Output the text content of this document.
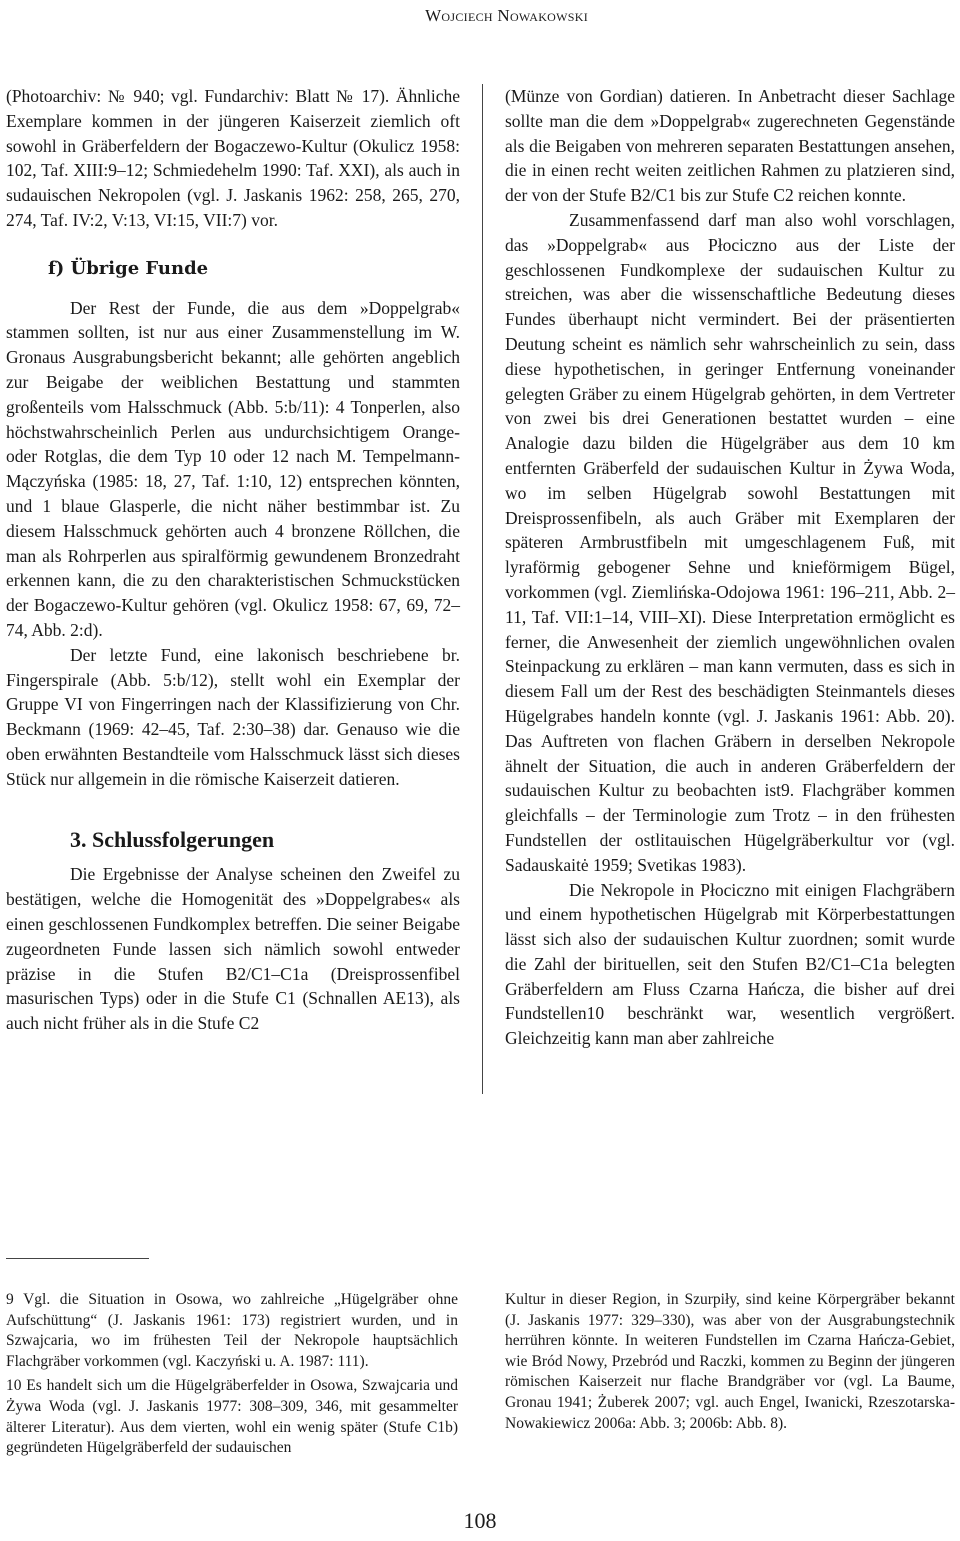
Wojciech Nowakowski

(Photoarchiv: № 940; vgl. Fundarchiv: Blatt № 17). Ähnliche Exemplare kommen in der jüngeren Kaiserzeit ziemlich oft sowohl in Gräberfeldern der Bogaczewo-Kultur (Okulicz 1958: 102, Taf. XIII:9–12; Schmiedehelm 1990: Taf. XXI), als auch in sudauischen Nekropolen (vgl. J. Jaskanis 1962: 258, 265, 270, 274, Taf. IV:2, V:13, VI:15, VII:7) vor.

f) Übrige Funde

Der Rest der Funde, die aus dem »Doppelgrab« stammen sollten, ist nur aus einer Zusammenstellung im W. Gronaus Ausgrabungsbericht bekannt; alle gehörten angeblich zur Beigabe der weiblichen Bestattung und stammten großenteils vom Halsschmuck (Abb. 5:b/11): 4 Tonperlen, also höchstwahrscheinlich Perlen aus undurchsichtigem Orange- oder Rotglas, die dem Typ 10 oder 12 nach M. Tempelmann-Mączyńska (1985: 18, 27, Taf. 1:10, 12) entsprechen könnten, und 1 blaue Glasperle, die nicht näher bestimmbar ist. Zu diesem Halsschmuck gehörten auch 4 bronzene Röllchen, die man als Rohrperlen aus spiralförmig gewundenem Bronzedraht erkennen kann, die zu den charakteristischen Schmuckstücken der Bogaczewo-Kultur gehören (vgl. Okulicz 1958: 67, 69, 72–74, Abb. 2:d).

Der letzte Fund, eine lakonisch beschriebene br. Fingerspirale (Abb. 5:b/12), stellt wohl ein Exemplar der Gruppe VI von Fingerringen nach der Klassifizierung von Chr. Beckmann (1969: 42–45, Taf. 2:30–38) dar. Genauso wie die oben erwähnten Bestandteile vom Halsschmuck lässt sich dieses Stück nur allgemein in die römische Kaiserzeit datieren.

3. Schlussfolgerungen

Die Ergebnisse der Analyse scheinen den Zweifel zu bestätigen, welche die Homogenität des »Doppelgrabes« als einen geschlossenen Fundkomplex betreffen. Die seiner Beigabe zugeordneten Funde lassen sich nämlich sowohl entweder präzise in die Stufen B2/C1–C1a (Dreisprossenfibel masurischen Typs) oder in die Stufe C1 (Schnallen AE13), als auch nicht früher als in die Stufe C2

(Münze von Gordian) datieren. In Anbetracht dieser Sachlage sollte man die dem »Doppelgrab« zugerechneten Gegenstände als die Beigaben von mehreren separaten Bestattungen ansehen, die in einen recht weiten zeitlichen Rahmen zu platzieren sind, der von der Stufe B2/C1 bis zur Stufe C2 reichen konnte.

Zusammenfassend darf man also wohl vorschlagen, das »Doppelgrab« aus Płociczno aus der Liste der geschlossenen Fundkomplexe der sudauischen Kultur zu streichen, was aber die wissenschaftliche Bedeutung dieses Fundes überhaupt nicht vermindert. Bei der präsentierten Deutung scheint es nämlich sehr wahrscheinlich zu sein, dass diese hypothetischen, in geringer Entfernung voneinander gelegten Gräber zu einem Hügelgrab gehörten, in dem Vertreter von zwei bis drei Generationen bestattet wurden – eine Analogie dazu bilden die Hügelgräber aus dem 10 km entfernten Gräberfeld der sudauischen Kultur in Żywa Woda, wo im selben Hügelgrab sowohl Bestattungen mit Dreisprossenfibeln, als auch Gräber mit Exemplaren der späteren Armbrustfibeln mit umgeschlagenem Fuß, mit lyraförmig gebogener Sehne und knieförmigem Bügel, vorkommen (vgl. Ziemlińska-Odojowa 1961: 196–211, Abb. 2–11, Taf. VII:1–14, VIII–XI). Diese Interpretation ermöglicht es ferner, die Anwesenheit der ziemlich ungewöhnlichen ovalen Steinpackung zu erklären – man kann vermuten, dass es sich in diesem Fall um der Rest des beschädigten Steinmantels dieses Hügelgrabes handeln konnte (vgl. J. Jaskanis 1961: Abb. 20). Das Auftreten von flachen Gräbern in derselben Nekropole ähnelt der Situation, die auch in anderen Gräberfeldern der sudauischen Kultur zu beobachten ist9. Flachgräber kommen gleichfalls – der Terminologie zum Trotz – in den frühesten Fundstellen der ostlitauischen Hügelgräberkultur vor (vgl. Sadauskaitė 1959; Svetikas 1983).

Die Nekropole in Płociczno mit einigen Flachgräbern und einem hypothetischen Hügelgrab mit Körperbestattungen lässt sich also der sudauischen Kultur zuordnen; somit wurde die Zahl der birituellen, seit den Stufen B2/C1–C1a belegten Gräberfeldern am Fluss Czarna Hańcza, die bisher auf drei Fundstellen10 beschränkt war, wesentlich vergrößert. Gleichzeitig kann man aber zahlreiche

9 Vgl. die Situation in Osowa, wo zahlreiche „Hügelgräber ohne Aufschüttung“ (J. Jaskanis 1961: 173) registriert wurden, und in Szwajcaria, wo im frühesten Teil der Nekropole hauptsächlich Flachgräber vorkommen (vgl. Kaczyński u. A. 1987: 111).

10 Es handelt sich um die Hügelgräberfelder in Osowa, Szwajcaria und Żywa Woda (vgl. J. Jaskanis 1977: 308–309, 346, mit gesammelter älterer Literatur). Aus dem vierten, wohl ein wenig später (Stufe C1b) gegründeten Hügelgräberfeld der sudauischen

Kultur in dieser Region, in Szurpiły, sind keine Körpergräber bekannt (J. Jaskanis 1977: 329–330), was aber von der Ausgrabungstechnik herrühren könnte. In weiteren Fundstellen im Czarna Hańcza-Gebiet, wie Bród Nowy, Przebród und Raczki, kommen zu Beginn der jüngeren römischen Kaiserzeit nur flache Brandgräber vor (vgl. La Baume, Gronau 1941; Żuberek 2007; vgl. auch Engel, Iwanicki, Rzeszotarska-Nowakiewicz 2006a: Abb. 3; 2006b: Abb. 8).

108
